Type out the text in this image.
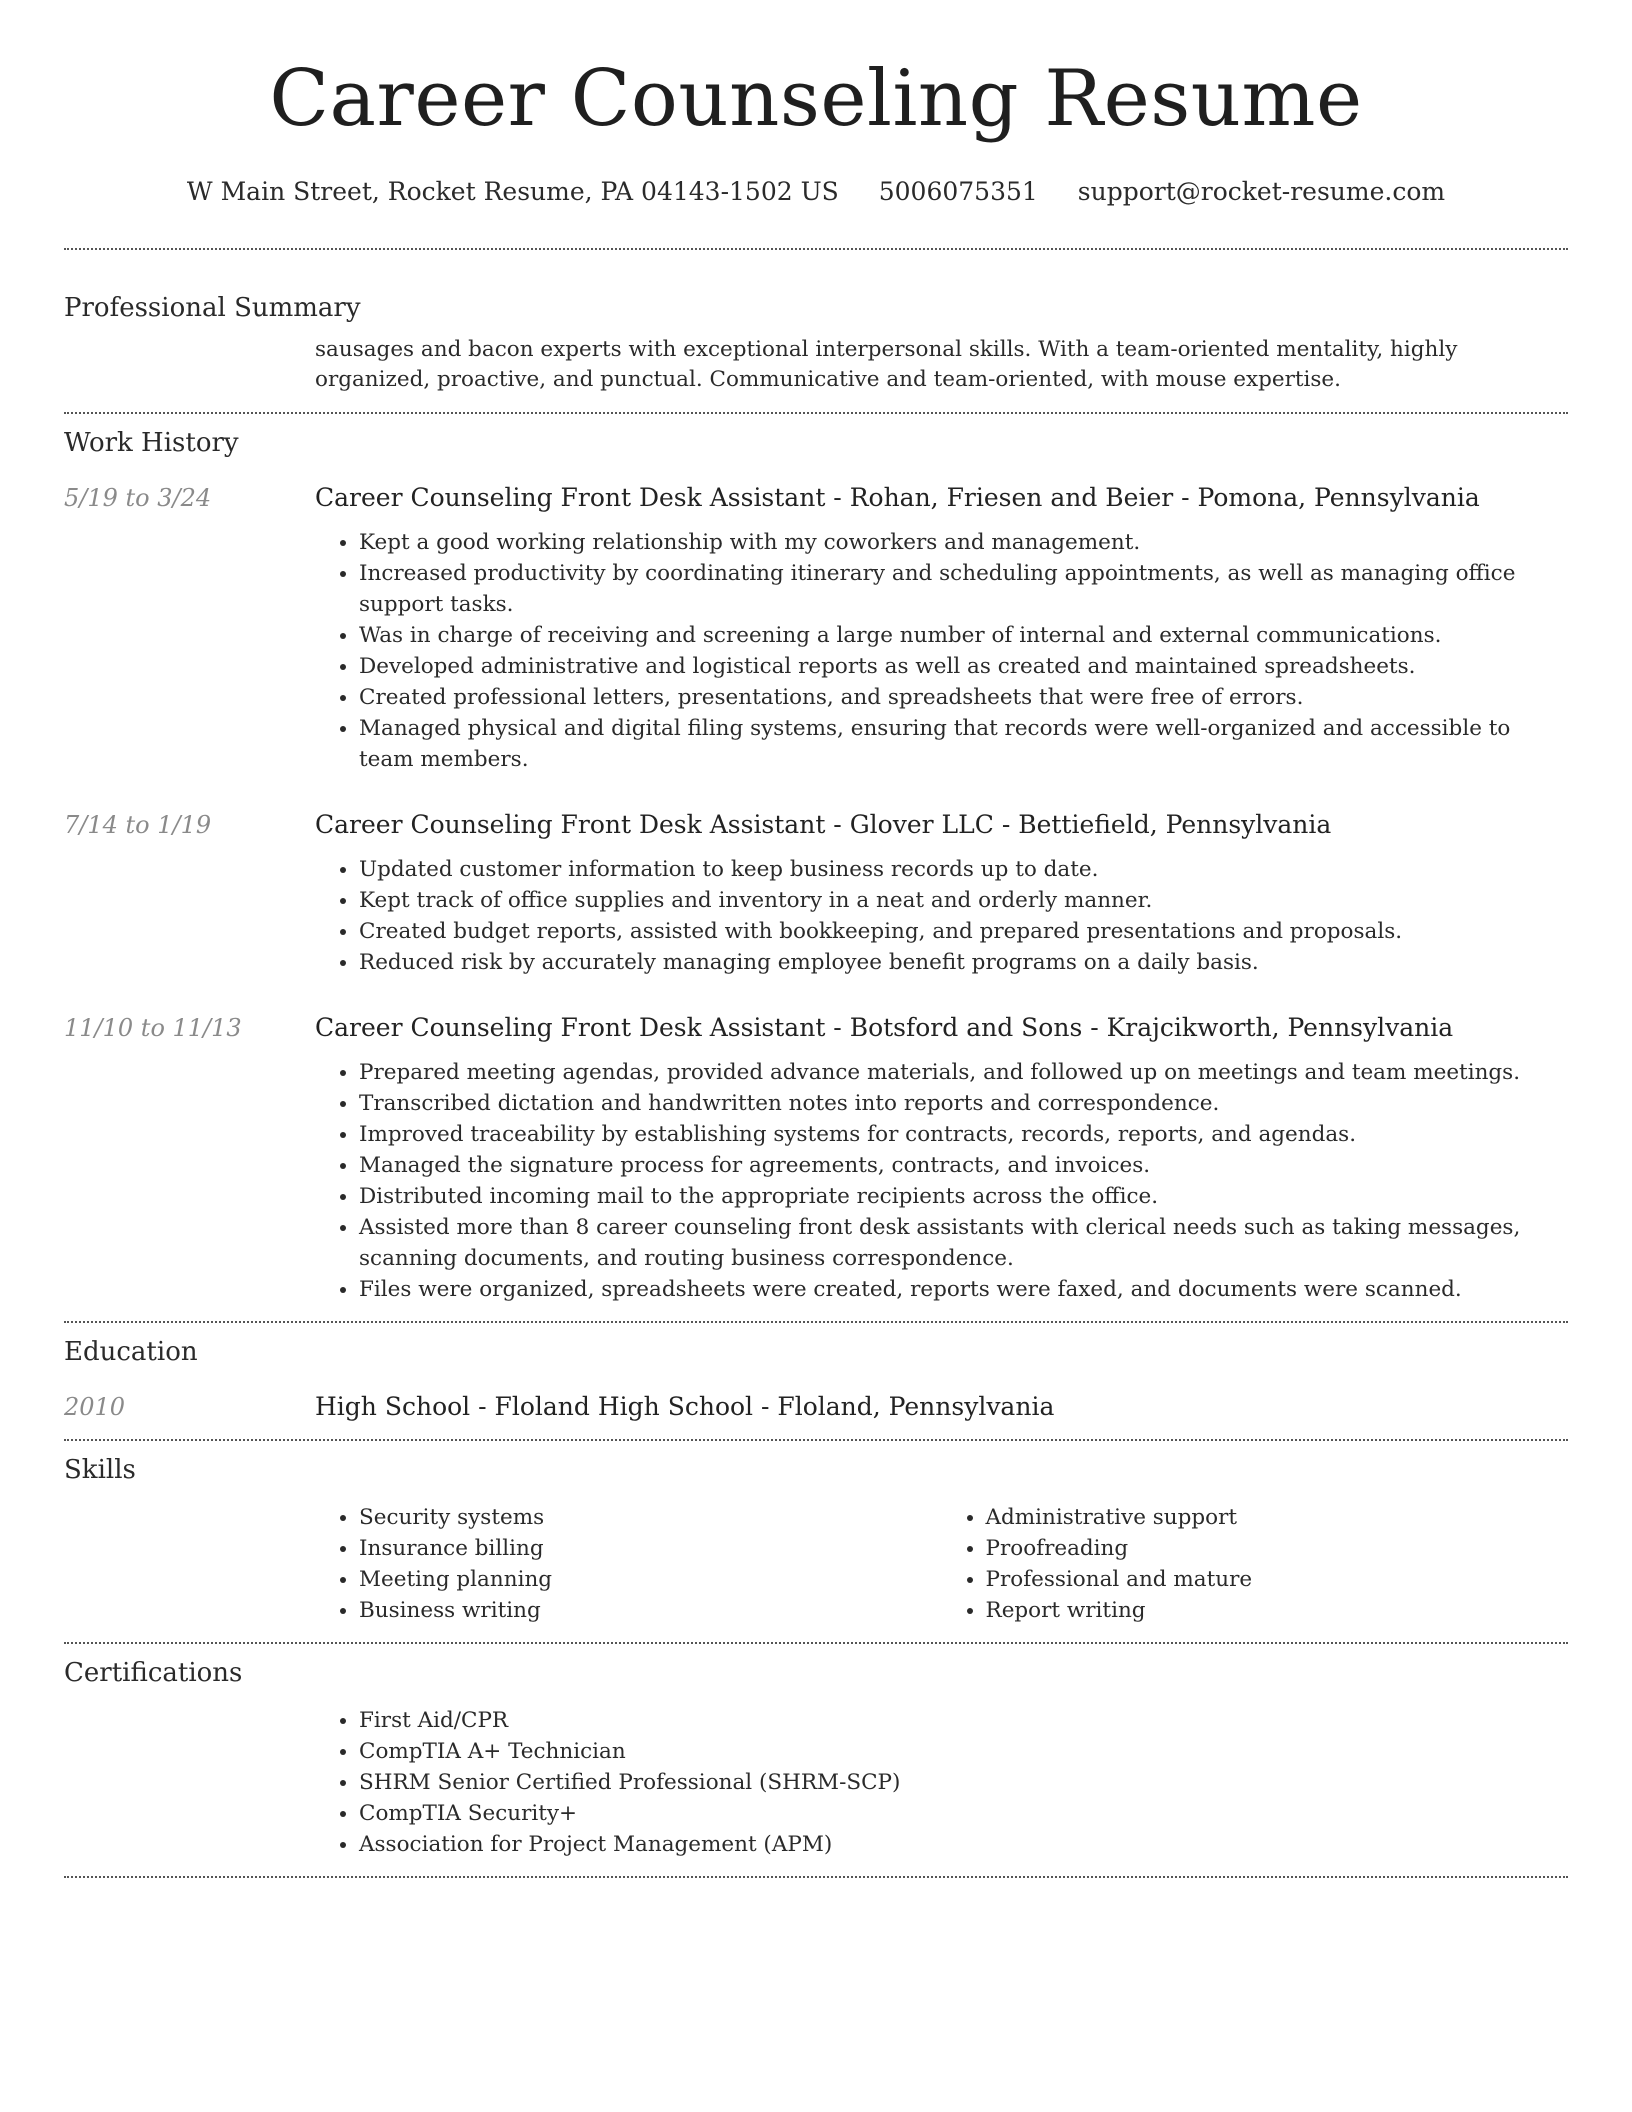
Career Counseling Resume
W Main Street, Rocket Resume, PA 04143-1502 US 5006075351 support@rocket-resume.com
Professional Summary
sausages and bacon experts with exceptional interpersonal skills. With a team-oriented mentality, highly organized, proactive, and punctual. Communicative and team-oriented, with mouse expertise.
Work History
5/19 to 3/24	Career Counseling Front Desk Assistant - Rohan, Friesen and Beier - Pomona, Pennsylvania
• Kept a good working relationship with my coworkers and management.
• Increased productivity by coordinating itinerary and scheduling appointments, as well as managing office support tasks.
• Was in charge of receiving and screening a large number of internal and external communications.
• Developed administrative and logistical reports as well as created and maintained spreadsheets.
• Created professional letters, presentations, and spreadsheets that were free of errors.
• Managed physical and digital filing systems, ensuring that records were well-organized and accessible to team members.
7/14 to 1/19	Career Counseling Front Desk Assistant - Glover LLC - Bettiefield, Pennsylvania
• Updated customer information to keep business records up to date.
• Kept track of office supplies and inventory in a neat and orderly manner.
• Created budget reports, assisted with bookkeeping, and prepared presentations and proposals.
• Reduced risk by accurately managing employee benefit programs on a daily basis.
11/10 to 11/13	Career Counseling Front Desk Assistant - Botsford and Sons - Krajcikworth, Pennsylvania
• Prepared meeting agendas, provided advance materials, and followed up on meetings and team meetings.
• Transcribed dictation and handwritten notes into reports and correspondence.
• Improved traceability by establishing systems for contracts, records, reports, and agendas.
• Managed the signature process for agreements, contracts, and invoices.
• Distributed incoming mail to the appropriate recipients across the office.
• Assisted more than 8 career counseling front desk assistants with clerical needs such as taking messages, scanning documents, and routing business correspondence.
• Files were organized, spreadsheets were created, reports were faxed, and documents were scanned.
Education
2010	High School - Floland High School - Floland, Pennsylvania
Skills
• Security systems
• Insurance billing
• Meeting planning
• Business writing
• Administrative support
• Proofreading
• Professional and mature
• Report writing
Certifications
• First Aid/CPR
• CompTIA A+ Technician
• SHRM Senior Certified Professional (SHRM-SCP)
• CompTIA Security+
• Association for Project Management (APM)
